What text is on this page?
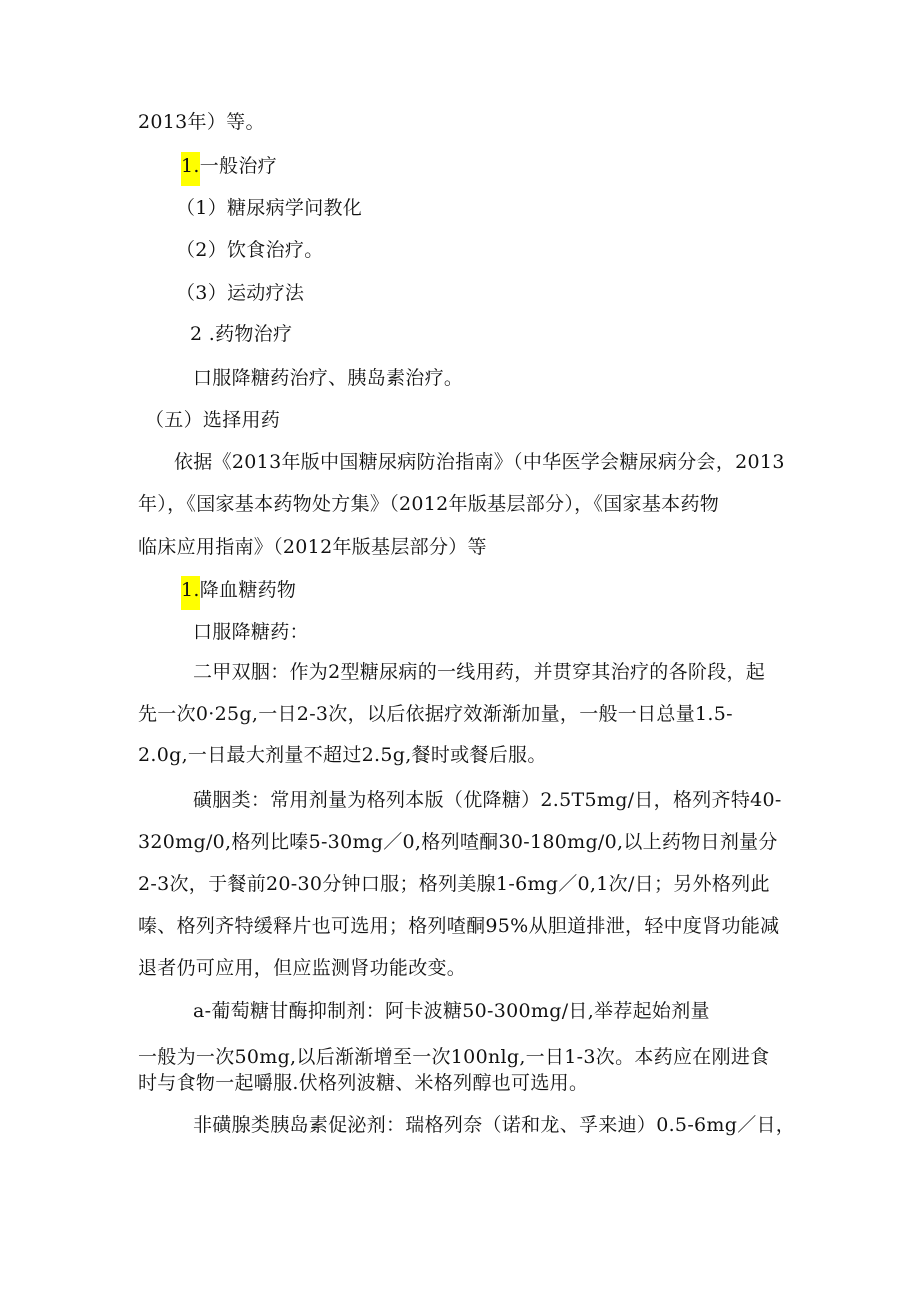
2013年）等。
1.一般治疗
（1）糖尿病学问教化
（2）饮食治疗。
（3）运动疗法
2 .药物治疗
口服降糖药治疗、胰岛素治疗。
（五）选择用药
依据《2013年版中国糖尿病防治指南》（中华医学会糖尿病分会，2013
年），《国家基本药物处方集》（2012年版基层部分），《国家基本药物
临床应用指南》（2012年版基层部分）等
1.降血糖药物
口服降糖药：
二甲双胭：作为2型糖尿病的一线用药，并贯穿其治疗的各阶段，起
先一次0·25g,一日2-3次，以后依据疗效渐渐加量，一般一日总量1.5-
2.0g,一日最大剂量不超过2.5g,餐时或餐后服。
磺胭类：常用剂量为格列本版（优降糖）2.5T5mg/日，格列齐特40-
320mg/0,格列比嗪5-30mg／0,格列喳酮30-180mg/0,以上药物日剂量分
2-3次，于餐前20-30分钟口服；格列美腺1-6mg／0,1次/日；另外格列此
嗪、格列齐特缓释片也可选用；格列喳酮95%从胆道排泄，轻中度肾功能减
退者仍可应用，但应监测肾功能改变。
a-葡萄糖甘酶抑制剂：阿卡波糖50-300mg/日,举荐起始剂量
一般为一次50mg,以后渐渐增至一次100nlg,一日1-3次。本药应在刚进食
时与食物一起嚼服.伏格列波糖、米格列醇也可选用。
非磺腺类胰岛素促泌剂：瑞格列奈（诺和龙、孚来迪）0.5-6mg／日，
